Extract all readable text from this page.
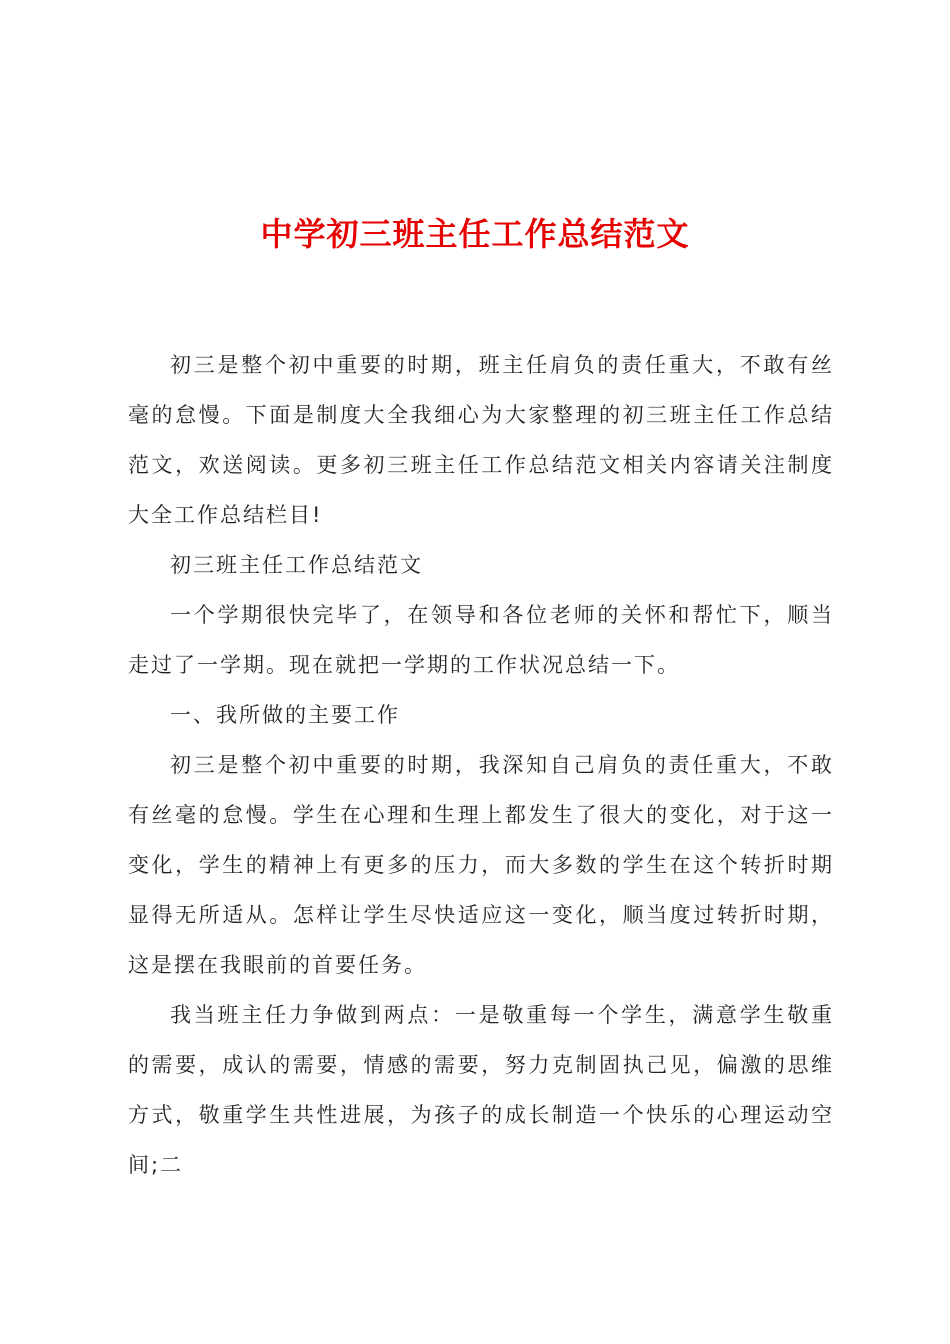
中学初三班主任工作总结范文

初三是整个初中重要的时期，班主任肩负的责任重大，不敢有丝毫的怠慢。下面是制度大全我细心为大家整理的初三班主任工作总结范文，欢送阅读。更多初三班主任工作总结范文相关内容请关注制度大全工作总结栏目!

初三班主任工作总结范文

一个学期很快完毕了，在领导和各位老师的关怀和帮忙下，顺当走过了一学期。现在就把一学期的工作状况总结一下。

一、我所做的主要工作

初三是整个初中重要的时期，我深知自己肩负的责任重大，不敢有丝毫的怠慢。学生在心理和生理上都发生了很大的变化，对于这一变化，学生的精神上有更多的压力，而大多数的学生在这个转折时期显得无所适从。怎样让学生尽快适应这一变化，顺当度过转折时期，这是摆在我眼前的首要任务。

我当班主任力争做到两点：一是敬重每一个学生，满意学生敬重的需要，成认的需要，情感的需要，努力克制固执己见，偏激的思维方式，敬重学生共性进展，为孩子的成长制造一个快乐的心理运动空间;二
